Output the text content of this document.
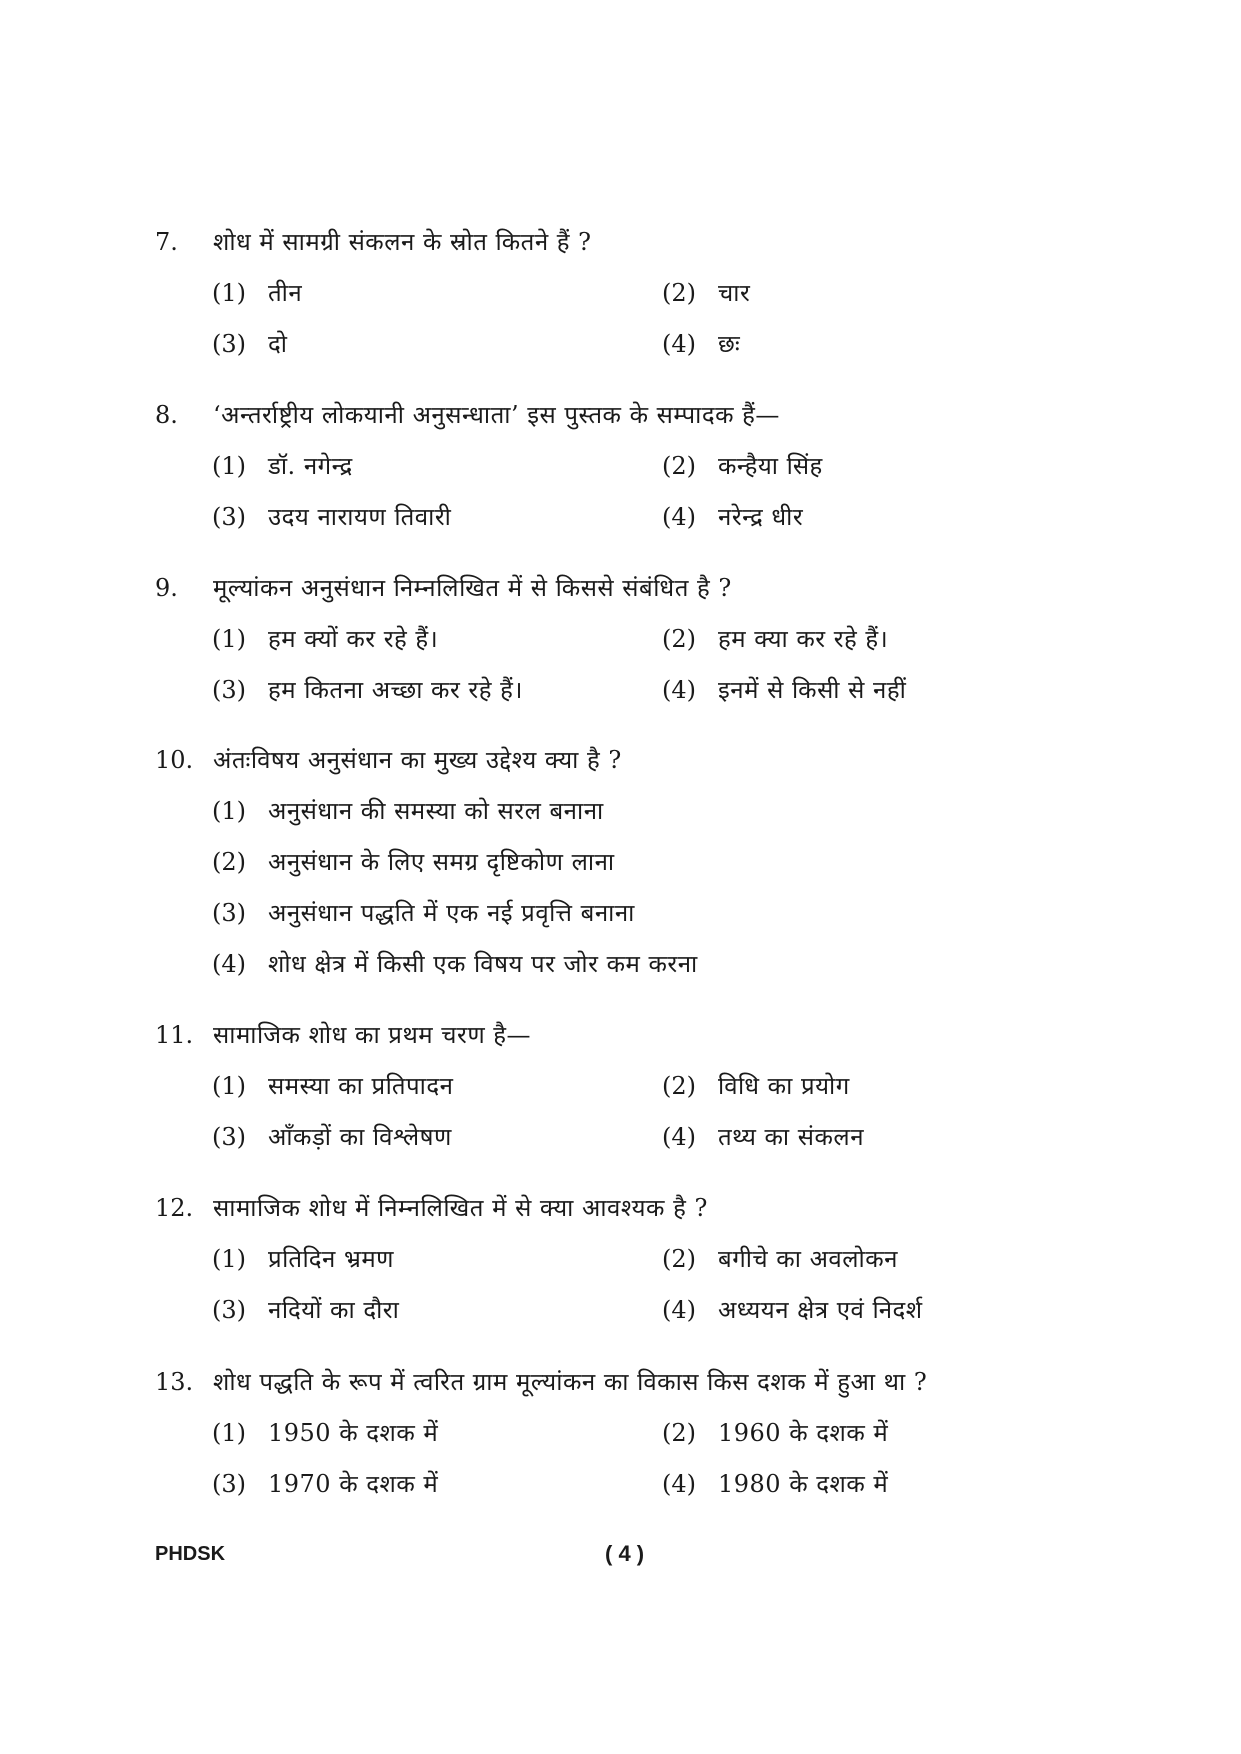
7. शोध में सामग्री संकलन के स्रोत कितने हैं ?
(1) तीन	(2) चार
(3) दो	(4) छः
8. ‘अन्तर्राष्ट्रीय लोकयानी अनुसन्धाता’ इस पुस्तक के सम्पादक हैं—
(1) डॉ. नगेन्द्र	(2) कन्हैया सिंह
(3) उदय नारायण तिवारी	(4) नरेन्द्र धीर
9. मूल्यांकन अनुसंधान निम्नलिखित में से किससे संबंधित है ?
(1) हम क्यों कर रहे हैं।	(2) हम क्या कर रहे हैं।
(3) हम कितना अच्छा कर रहे हैं।	(4) इनमें से किसी से नहीं
10. अंतःविषय अनुसंधान का मुख्य उद्देश्य क्या है ?
(1) अनुसंधान की समस्या को सरल बनाना
(2) अनुसंधान के लिए समग्र दृष्टिकोण लाना
(3) अनुसंधान पद्धति में एक नई प्रवृत्ति बनाना
(4) शोध क्षेत्र में किसी एक विषय पर जोर कम करना
11. सामाजिक शोध का प्रथम चरण है—
(1) समस्या का प्रतिपादन	(2) विधि का प्रयोग
(3) आँकड़ों का विश्लेषण	(4) तथ्य का संकलन
12. सामाजिक शोध में निम्नलिखित में से क्या आवश्यक है ?
(1) प्रतिदिन भ्रमण	(2) बगीचे का अवलोकन
(3) नदियों का दौरा	(4) अध्ययन क्षेत्र एवं निदर्श
13. शोध पद्धति के रूप में त्वरित ग्राम मूल्यांकन का विकास किस दशक में हुआ था ?
(1) 1950 के दशक में	(2) 1960 के दशक में
(3) 1970 के दशक में	(4) 1980 के दशक में
PHDSK	( 4 )
